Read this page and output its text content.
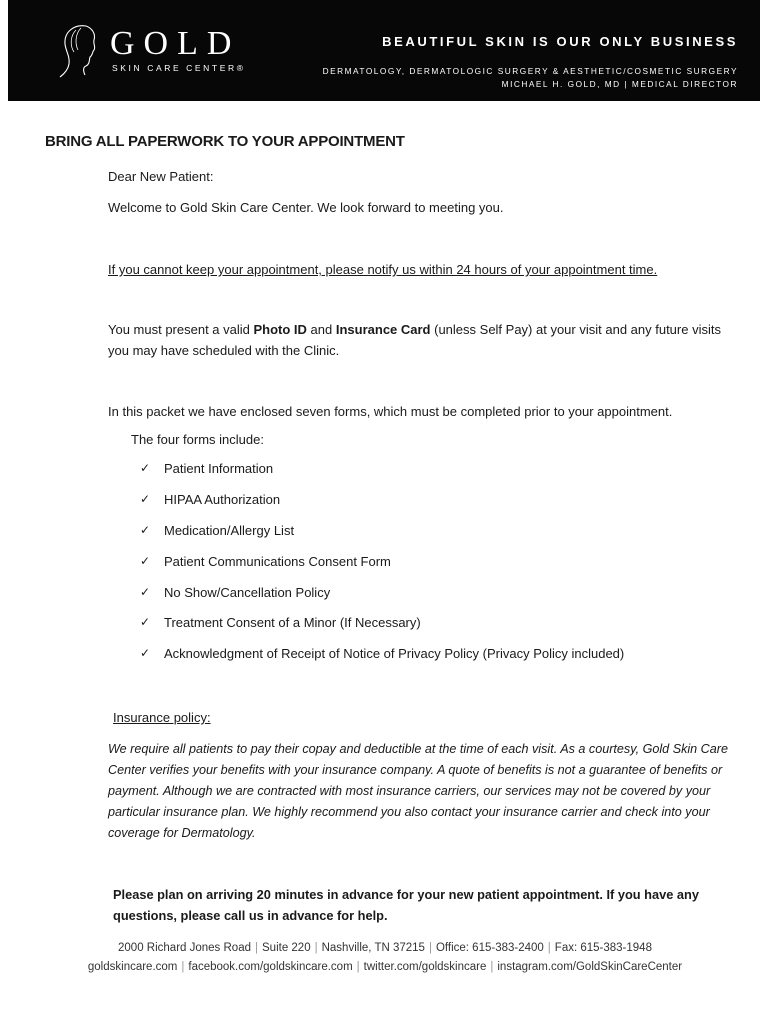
GOLD
SKIN CARE CENTER®
BEAUTIFUL SKIN IS OUR ONLY BUSINESS
DERMATOLOGY, DERMATOLOGIC SURGERY & AESTHETIC/COSMETIC SURGERY
MICHAEL H. GOLD, MD | MEDICAL DIRECTOR
BRING ALL PAPERWORK TO YOUR APPOINTMENT
Dear New Patient:
Welcome to Gold Skin Care Center. We look forward to meeting you.
If you cannot keep your appointment, please notify us within 24 hours of your appointment time.
You must present a valid Photo ID and Insurance Card (unless Self Pay) at your visit and any future visits you may have scheduled with the Clinic.
In this packet we have enclosed seven forms, which must be completed prior to your appointment.
The four forms include:
✓	Patient Information
✓	HIPAA Authorization
✓	Medication/Allergy List
✓	Patient Communications Consent Form
✓	No Show/Cancellation Policy
✓	Treatment Consent of a Minor (If Necessary)
✓	Acknowledgment of Receipt of Notice of Privacy Policy (Privacy Policy included)
Insurance policy:
We require all patients to pay their copay and deductible at the time of each visit. As a courtesy, Gold Skin Care Center verifies your benefits with your insurance company. A quote of benefits is not a guarantee of benefits or payment. Although we are contracted with most insurance carriers, our services may not be covered by your particular insurance plan. We highly recommend you also contact your insurance carrier and check into your coverage for Dermatology.
Please plan on arriving 20 minutes in advance for your new patient appointment. If you have any questions, please call us in advance for help.
2000 Richard Jones Road | Suite 220 | Nashville, TN 37215 | Office: 615-383-2400 | Fax: 615-383-1948
goldskincare.com | facebook.com/goldskincare.com | twitter.com/goldskincare | instagram.com/GoldSkinCareCenter
